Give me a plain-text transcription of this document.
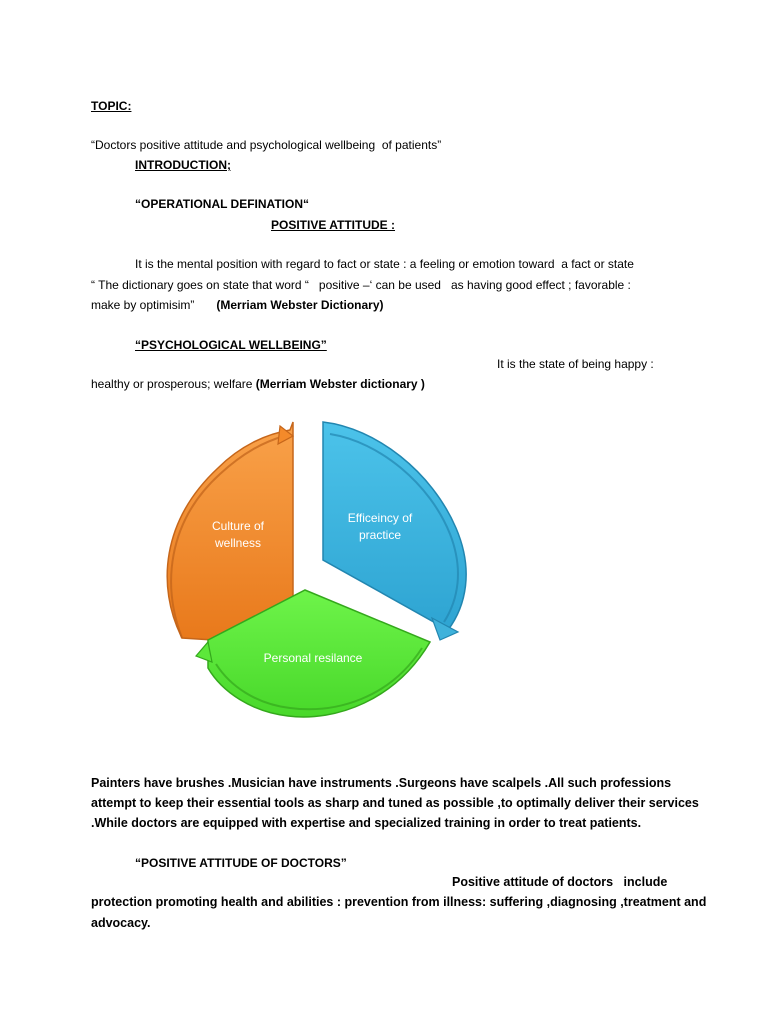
TOPIC:
“Doctors positive attitude and psychological wellbeing  of patients”
INTRODUCTION;
“OPERATIONAL DEFINATION“
POSITIVE ATTITUDE :
It is the mental position with regard to fact or state : a feeling or emotion toward  a fact or state
“ The dictionary goes on state that word “   positive –‘ can be used   as having good effect ; favorable :
make by optimisim” (Merriam Webster Dictionary)
“PSYCHOLOGICAL WELLBEING”
It is the state of being happy :
healthy or prosperous; welfare (Merriam Webster dictionary )
Culture of
wellness
Efficeincy of
practice
Personal resilance
Painters have brushes .Musician have instruments .Surgeons have scalpels .All such professions
attempt to keep their essential tools as sharp and tuned as possible ,to optimally deliver their services
.While doctors are equipped with expertise and specialized training in order to treat patients.
“POSITIVE ATTITUDE OF DOCTORS”
Positive attitude of doctors   include
protection promoting health and abilities : prevention from illness: suffering ,diagnosing ,treatment and
advocacy.
